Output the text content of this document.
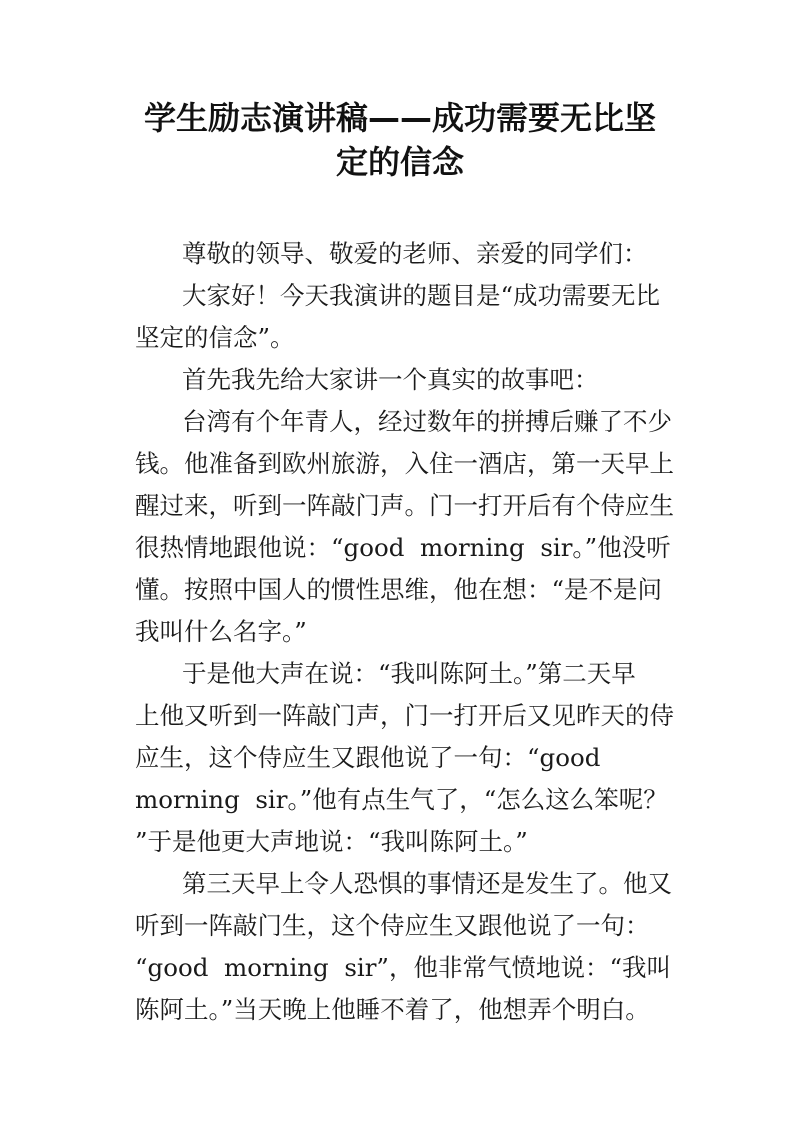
学生励志演讲稿——成功需要无比坚
定的信念
尊敬的领导、敬爱的老师、亲爱的同学们：
大家好！今天我演讲的题目是“成功需要无比
坚定的信念”。
首先我先给大家讲一个真实的故事吧：
台湾有个年青人，经过数年的拼搏后赚了不少
钱。他准备到欧州旅游，入住一酒店，第一天早上
醒过来，听到一阵敲门声。门一打开后有个侍应生
很热情地跟他说：“good  morning  sir。”他没听
懂。按照中国人的惯性思维，他在想：“是不是问
我叫什么名字。”
于是他大声在说：“我叫陈阿土。”第二天早
上他又听到一阵敲门声，门一打开后又见昨天的侍
应生，这个侍应生又跟他说了一句：“good
morning  sir。”他有点生气了，“怎么这么笨呢？
”于是他更大声地说：“我叫陈阿土。”
第三天早上令人恐惧的事情还是发生了。他又
听到一阵敲门生，这个侍应生又跟他说了一句：
“good  morning  sir”，他非常气愤地说：“我叫
陈阿土。”当天晚上他睡不着了，他想弄个明白。
